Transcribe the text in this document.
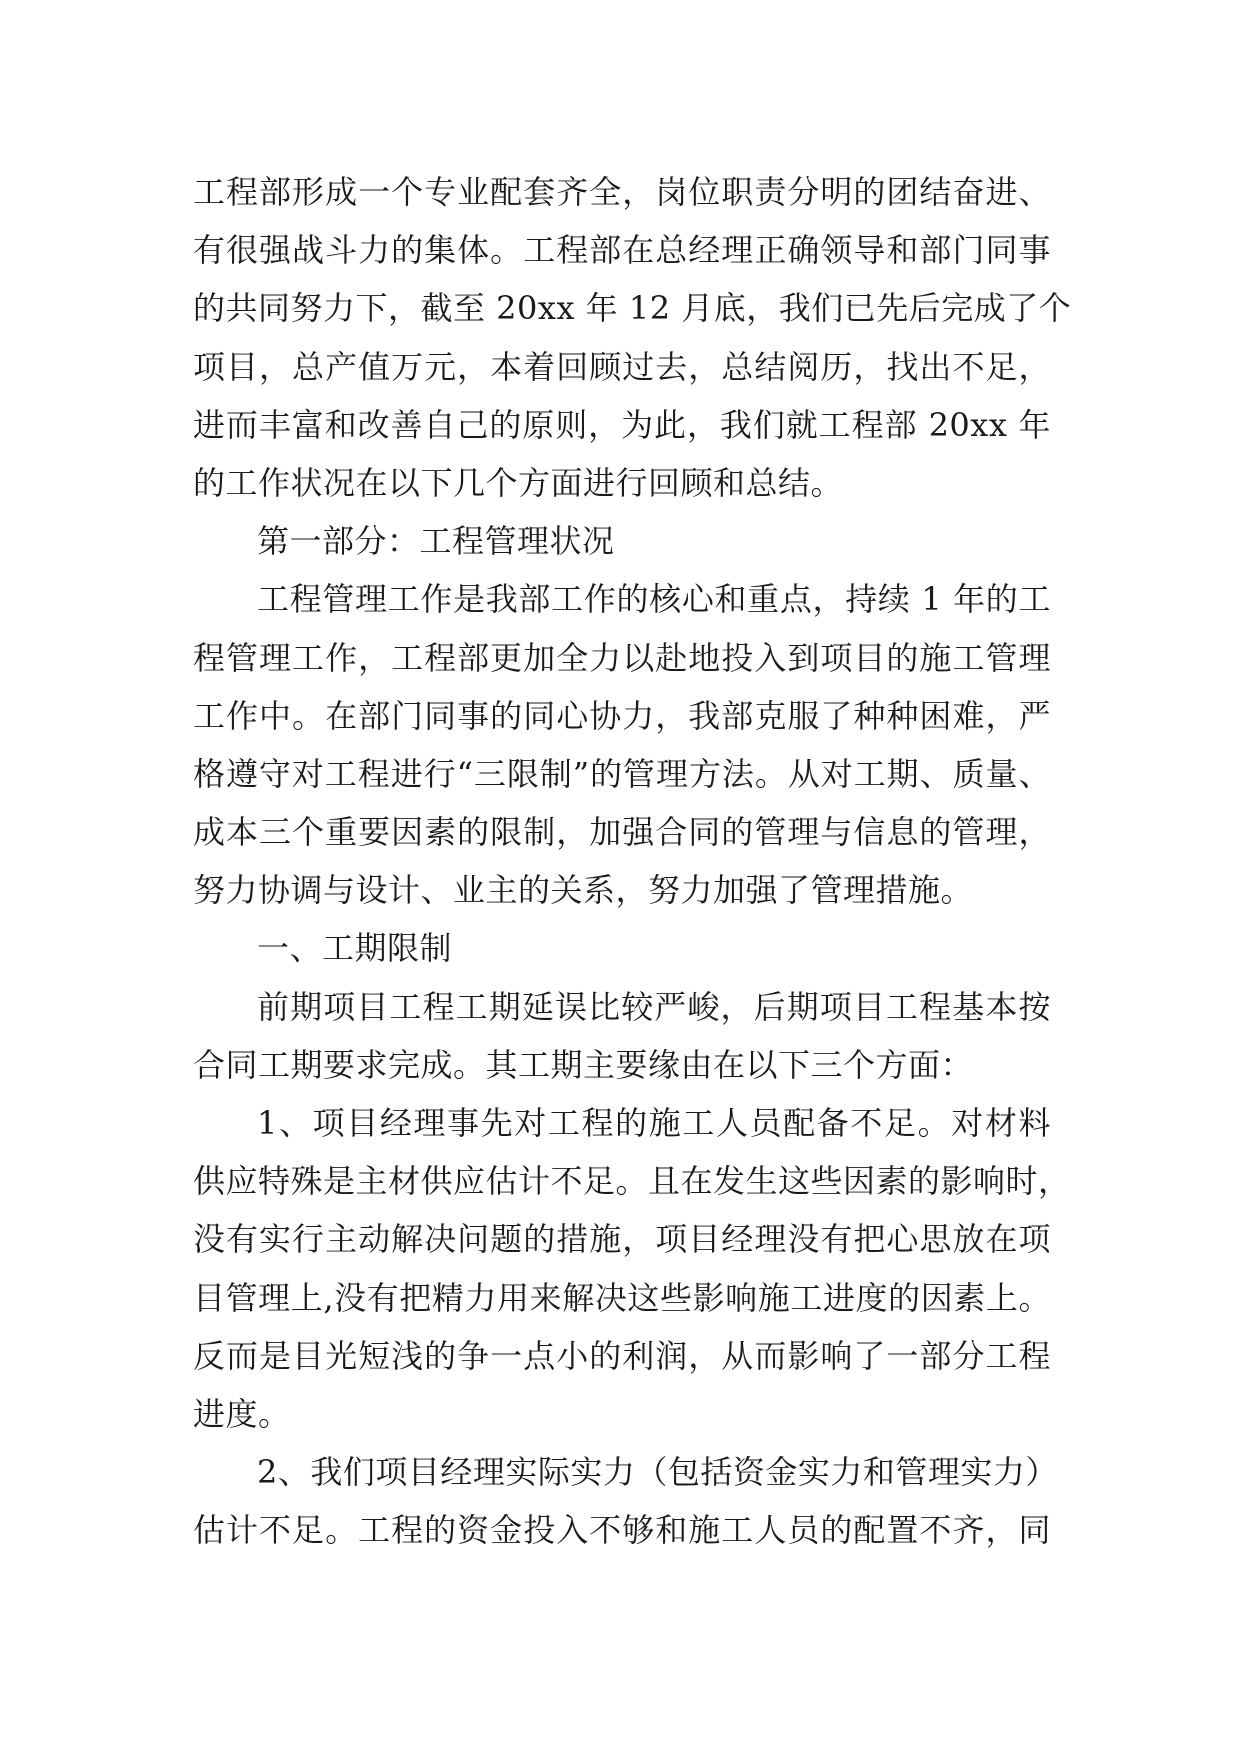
工程部形成一个专业配套齐全，岗位职责分明的团结奋进、
有很强战斗力的集体。工程部在总经理正确领导和部门同事
的共同努力下，截至 20xx 年 12 月底，我们已先后完成了个
项目，总产值万元，本着回顾过去，总结阅历，找出不足，
进而丰富和改善自己的原则，为此，我们就工程部 20xx 年
的工作状况在以下几个方面进行回顾和总结。
第一部分：工程管理状况
工程管理工作是我部工作的核心和重点，持续 1 年的工
程管理工作，工程部更加全力以赴地投入到项目的施工管理
工作中。在部门同事的同心协力，我部克服了种种困难，严
格遵守对工程进行“三限制”的管理方法。从对工期、质量、
成本三个重要因素的限制，加强合同的管理与信息的管理，
努力协调与设计、业主的关系，努力加强了管理措施。
一、工期限制
前期项目工程工期延误比较严峻，后期项目工程基本按
合同工期要求完成。其工期主要缘由在以下三个方面：
1、项目经理事先对工程的施工人员配备不足。对材料
供应特殊是主材供应估计不足。且在发生这些因素的影响时，
没有实行主动解决问题的措施，项目经理没有把心思放在项
目管理上,没有把精力用来解决这些影响施工进度的因素上。
反而是目光短浅的争一点小的利润，从而影响了一部分工程
进度。
2、我们项目经理实际实力（包括资金实力和管理实力）
估计不足。工程的资金投入不够和施工人员的配置不齐，同
